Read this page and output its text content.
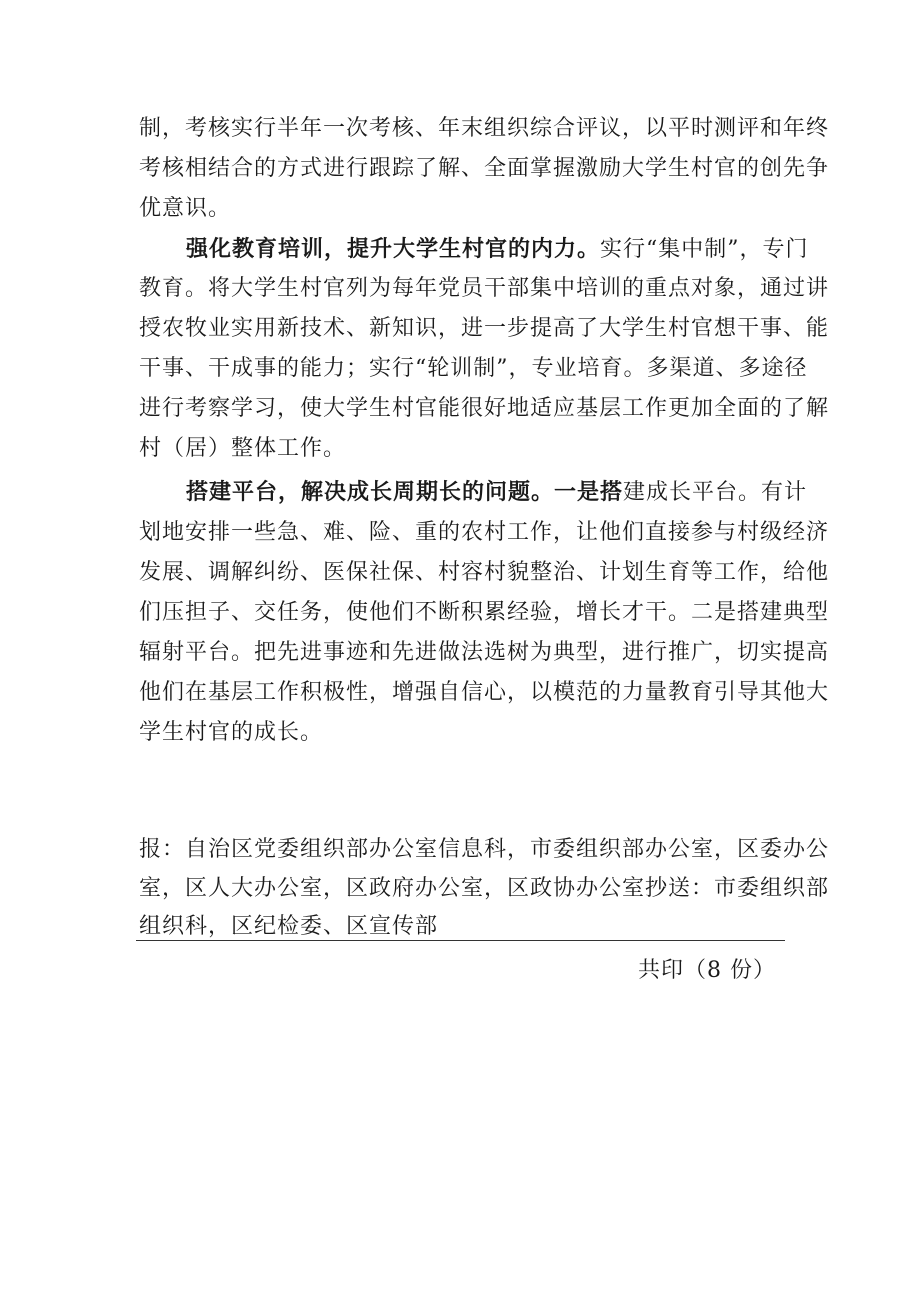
制，考核实行半年一次考核、年末组织综合评议，以平时测评和年终
考核相结合的方式进行跟踪了解、全面掌握激励大学生村官的创先争
优意识。
强化教育培训，提升大学生村官的内力。实行“集中制”，专门
教育。将大学生村官列为每年党员干部集中培训的重点对象，通过讲
授农牧业实用新技术、新知识，进一步提高了大学生村官想干事、能
干事、干成事的能力；实行“轮训制”，专业培育。多渠道、多途径
进行考察学习，使大学生村官能很好地适应基层工作更加全面的了解
村（居）整体工作。
搭建平台，解决成长周期长的问题。一是搭建成长平台。有计
划地安排一些急、难、险、重的农村工作，让他们直接参与村级经济
发展、调解纠纷、医保社保、村容村貌整治、计划生育等工作，给他
们压担子、交任务，使他们不断积累经验，增长才干。二是搭建典型
辐射平台。把先进事迹和先进做法选树为典型，进行推广，切实提高
他们在基层工作积极性，增强自信心，以模范的力量教育引导其他大
学生村官的成长。
报：自治区党委组织部办公室信息科，市委组织部办公室，区委办公
室，区人大办公室，区政府办公室，区政协办公室抄送：市委组织部
组织科，区纪检委、区宣传部
共印（8 份）
